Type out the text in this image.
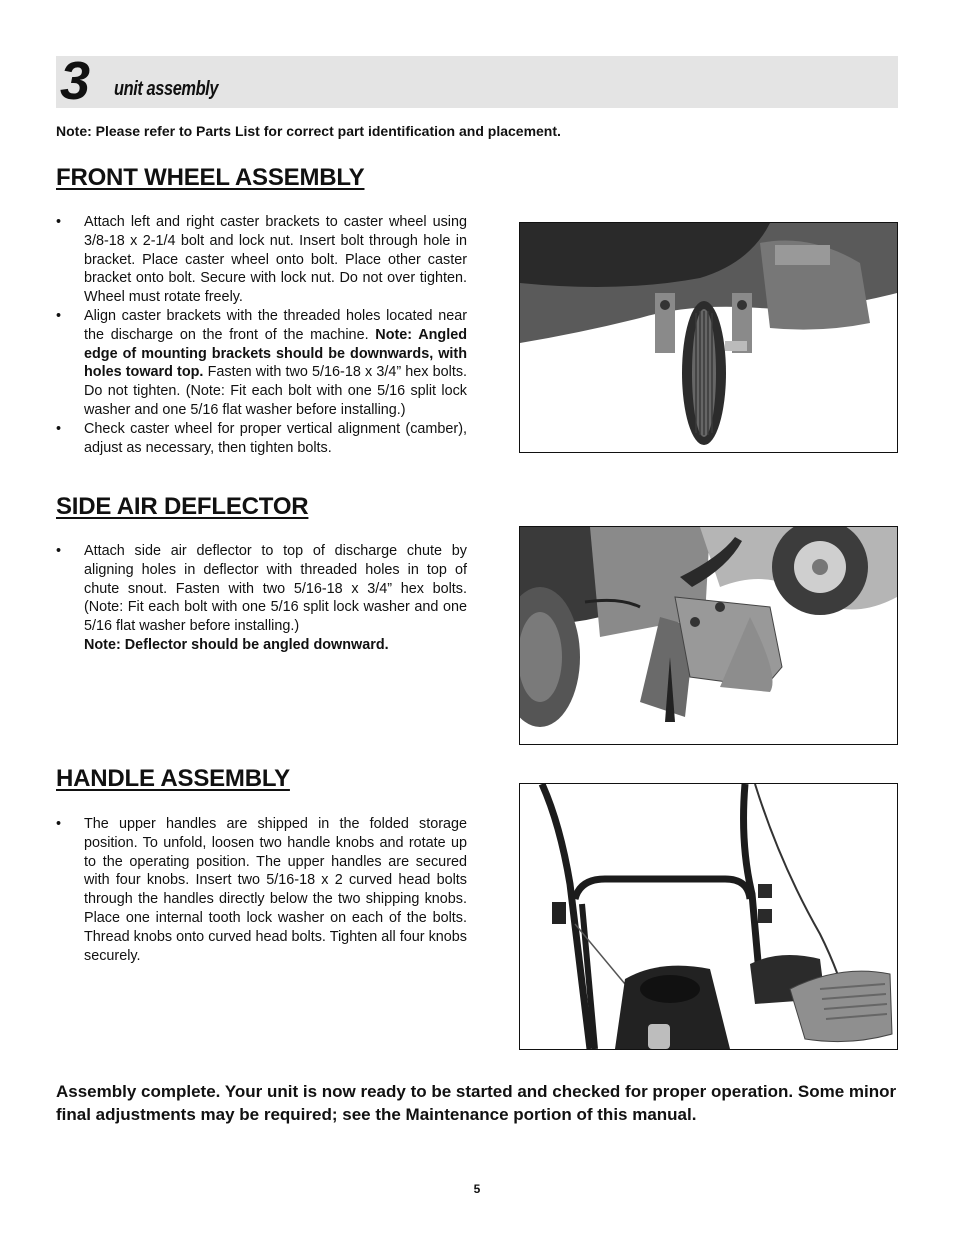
3 unit assembly
Note: Please refer to Parts List for correct part identification and placement.
FRONT WHEEL ASSEMBLY
• Attach left and right caster brackets to caster wheel using 3/8-18 x 2-1/4 bolt and lock nut. Insert bolt through hole in bracket. Place caster wheel onto bolt. Place other caster bracket onto bolt. Secure with lock nut. Do not over tighten. Wheel must rotate freely.
• Align caster brackets with the threaded holes located near the discharge on the front of the machine. Note: Angled edge of mounting brackets should be downwards, with holes toward top. Fasten with two 5/16-18 x 3/4” hex bolts. Do not tighten. (Note: Fit each bolt with one 5/16 split lock washer and one 5/16 flat washer before installing.)
• Check caster wheel for proper vertical alignment (camber), adjust as necessary, then tighten bolts.
SIDE AIR DEFLECTOR
• Attach side air deflector to top of discharge chute by aligning holes in deflector with threaded holes in top of chute snout. Fasten with two 5/16-18 x 3/4” hex bolts. (Note: Fit each bolt with one 5/16 split lock washer and one 5/16 flat washer before installing.)
Note: Deflector should be angled downward.
HANDLE ASSEMBLY
• The upper handles are shipped in the folded storage position. To unfold, loosen two handle knobs and rotate up to the operating position. The upper handles are secured with four knobs. Insert two 5/16-18 x 2 curved head bolts through the handles directly below the two shipping knobs. Place one internal tooth lock washer on each of the bolts. Thread knobs onto curved head bolts. Tighten all four knobs securely.
Assembly complete. Your unit is now ready to be started and checked for proper operation. Some minor final adjustments may be required; see the Maintenance portion of this manual.
5
